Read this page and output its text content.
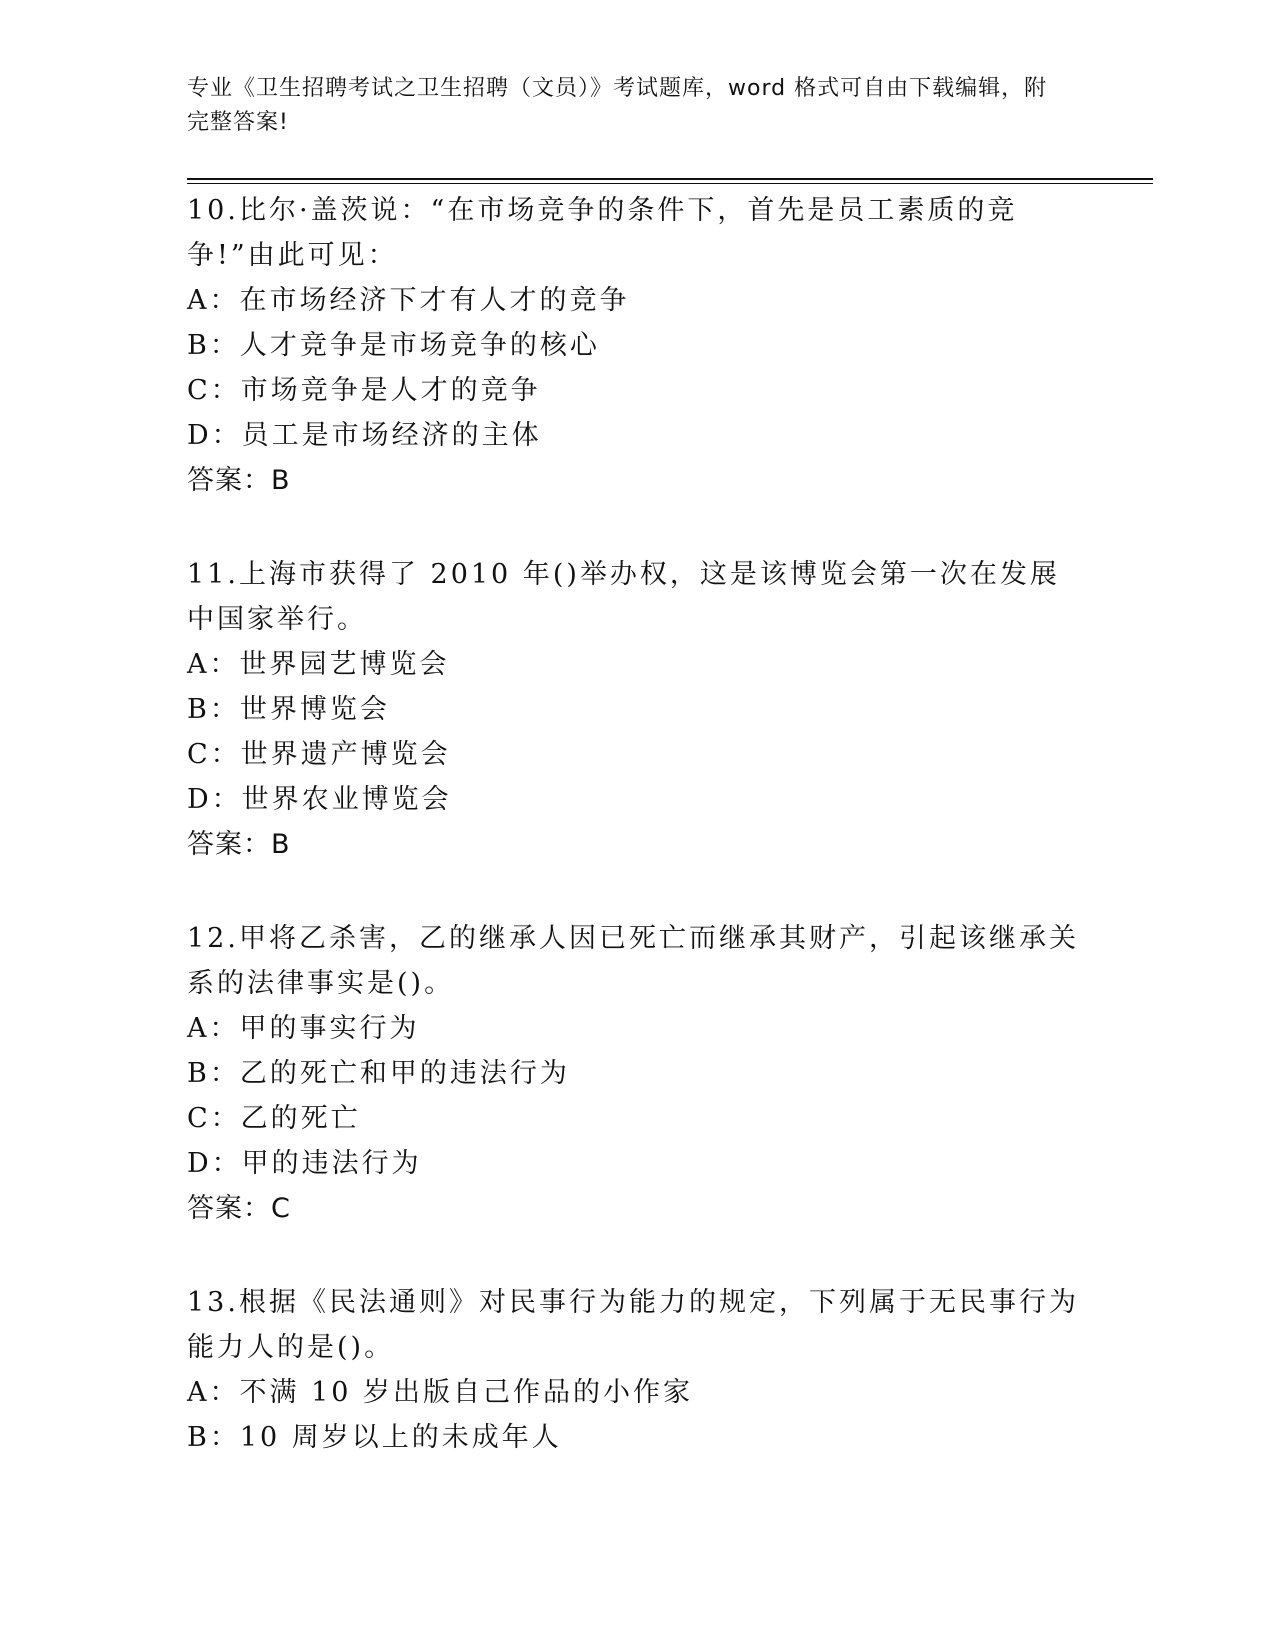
专业《卫生招聘考试之卫生招聘（文员）》考试题库，word 格式可自由下载编辑，附完整答案!

10.比尔·盖茨说：“在市场竞争的条件下，首先是员工素质的竞争!”由此可见：

A：在市场经济下才有人才的竞争

B：人才竞争是市场竞争的核心

C：市场竞争是人才的竞争

D：员工是市场经济的主体

答案：B

11.上海市获得了 2010 年()举办权，这是该博览会第一次在发展中国家举行。

A：世界园艺博览会

B：世界博览会

C：世界遗产博览会

D：世界农业博览会

答案：B

12.甲将乙杀害，乙的继承人因已死亡而继承其财产，引起该继承关系的法律事实是()。

A：甲的事实行为

B：乙的死亡和甲的违法行为

C：乙的死亡

D：甲的违法行为

答案：C

13.根据《民法通则》对民事行为能力的规定，下列属于无民事行为能力人的是()。

A：不满 10 岁出版自己作品的小作家

B：10 周岁以上的未成年人
